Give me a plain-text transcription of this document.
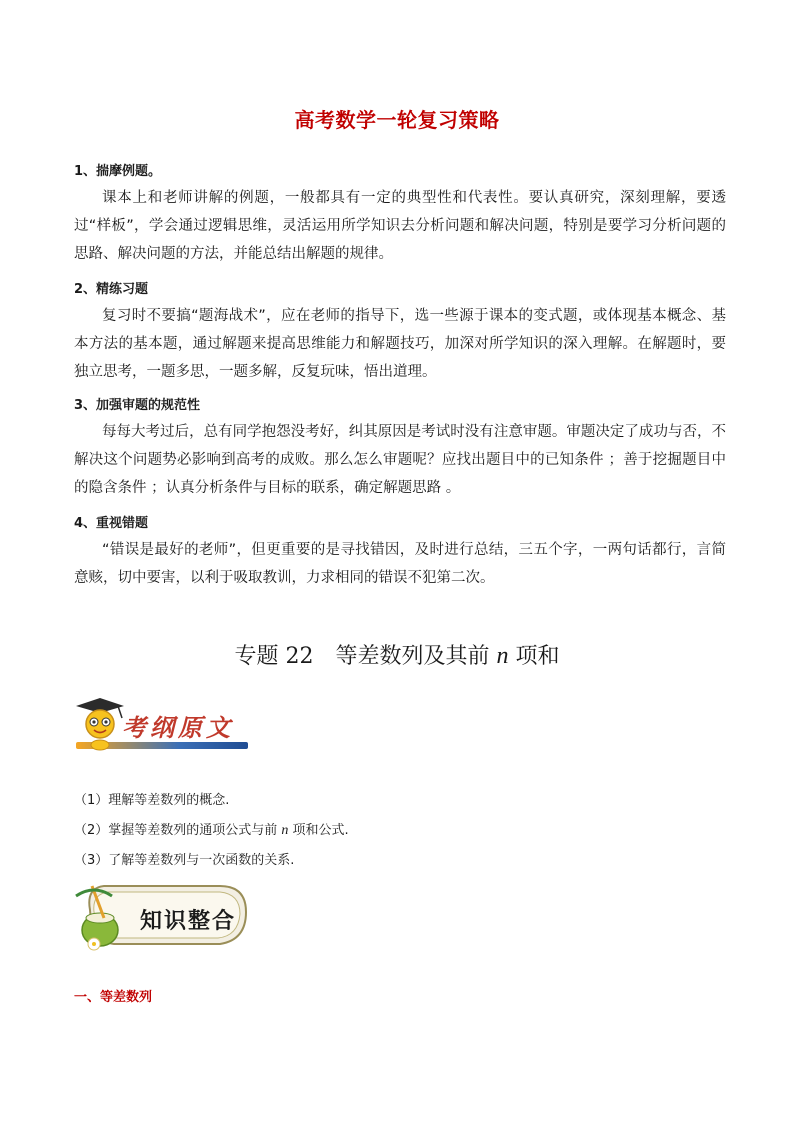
高考数学一轮复习策略
1、揣摩例题。

课本上和老师讲解的例题，一般都具有一定的典型性和代表性。要认真研究，深刻理解，要透过“样板”，学会通过逻辑思维，灵活运用所学知识去分析问题和解决问题，特别是要学习分析问题的思路、解决问题的方法，并能总结出解题的规律。

2、精练习题

复习时不要搞“题海战术”，应在老师的指导下，选一些源于课本的变式题，或体现基本概念、基本方法的基本题，通过解题来提高思维能力和解题技巧，加深对所学知识的深入理解。在解题时，要独立思考，一题多思，一题多解，反复玩味，悟出道理。

3、加强审题的规范性

每每大考过后，总有同学抱怨没考好，纠其原因是考试时没有注意审题。审题决定了成功与否，不解决这个问题势必影响到高考的成败。那么怎么审题呢？应找出题目中的已知条件 ；善于挖掘题目中的隐含条件 ；认真分析条件与目标的联系，确定解题思路 。

4、重视错题

“错误是最好的老师”，但更重要的是寻找错因，及时进行总结，三五个字，一两句话都行，言简意赅，切中要害，以利于吸取教训，力求相同的错误不犯第二次。

专题 22　等差数列及其前 n 项和
考纲原文
（1）理解等差数列的概念.
（2）掌握等差数列的通项公式与前 n 项和公式.
（3）了解等差数列与一次函数的关系.
知识整合
一、等差数列
